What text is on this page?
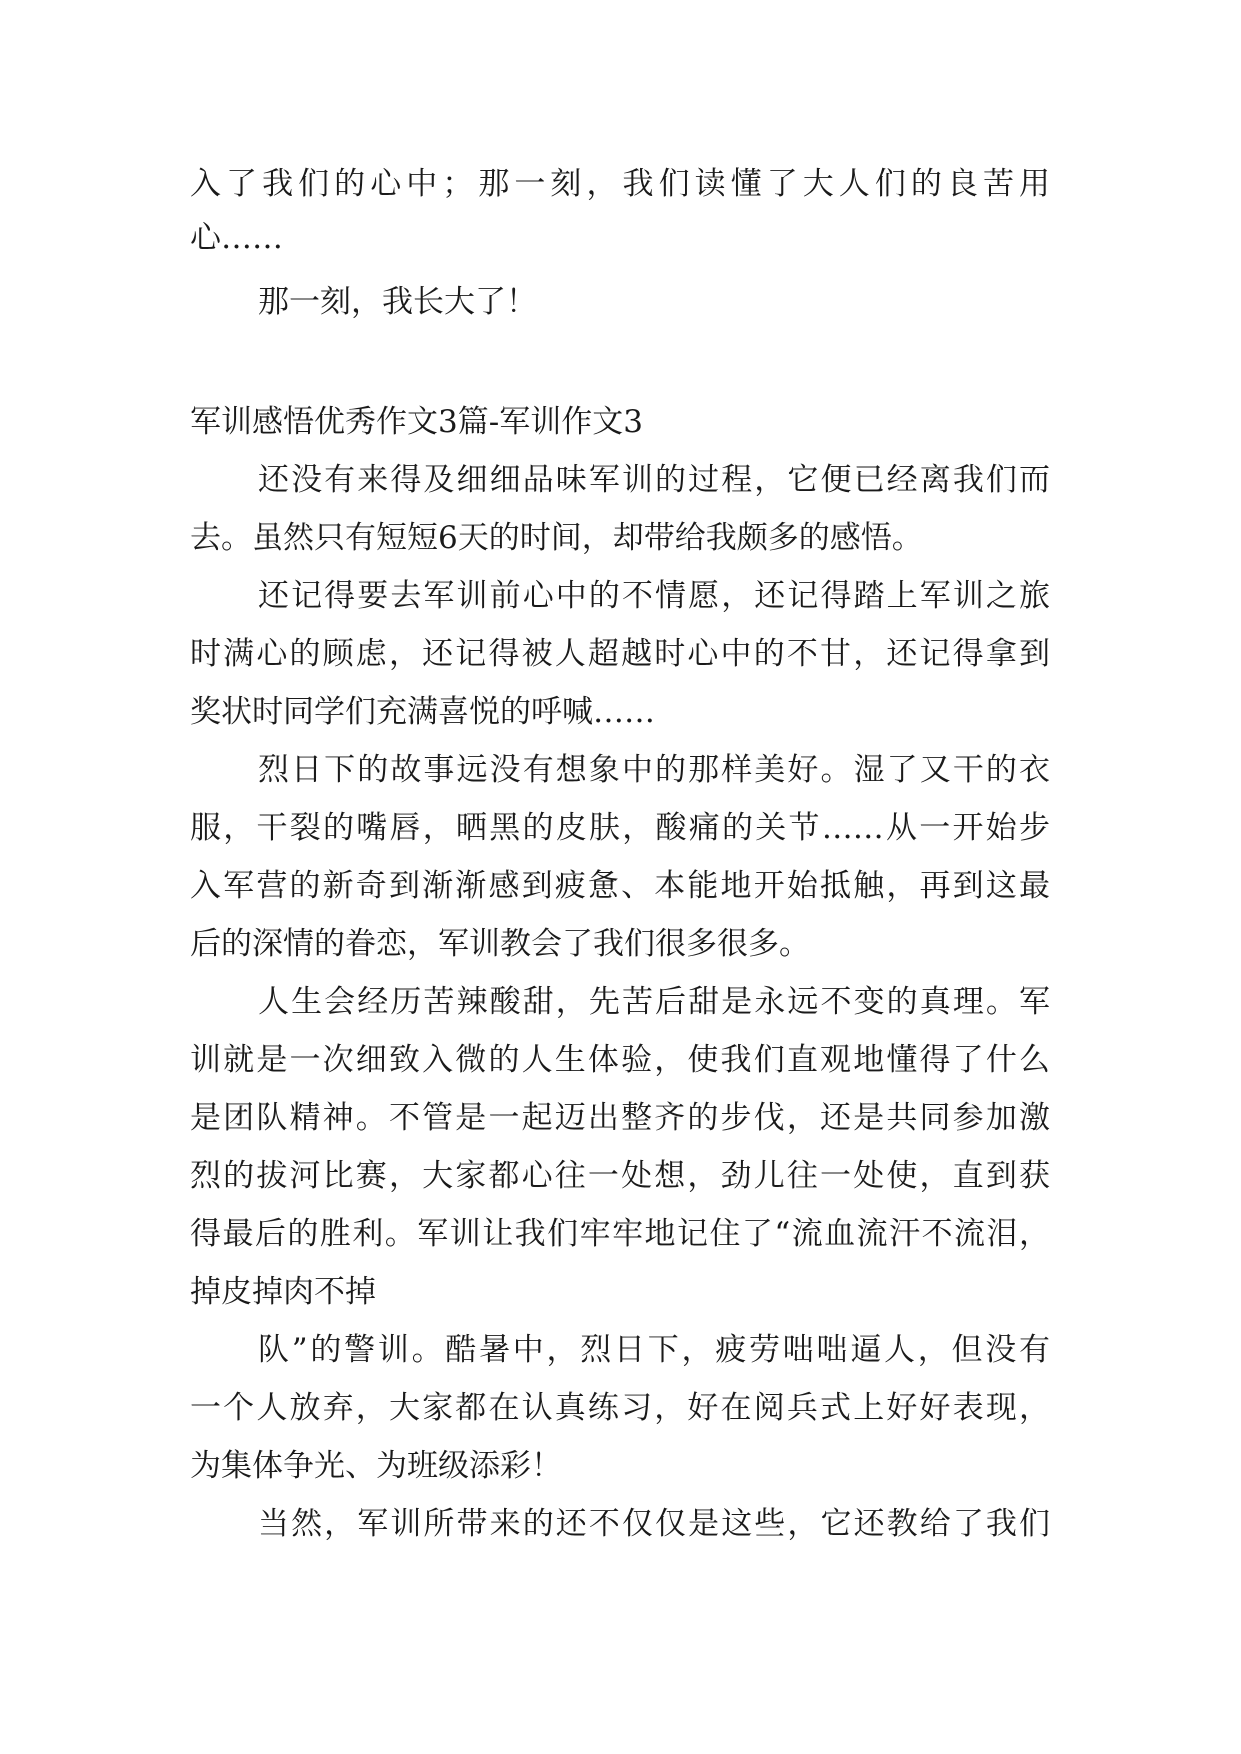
入了我们的心中；那一刻，我们读懂了大人们的良苦用
心……
那一刻，我长大了！
军训感悟优秀作文3篇-军训作文3
还没有来得及细细品味军训的过程，它便已经离我们而
去。虽然只有短短6天的时间，却带给我颇多的感悟。
还记得要去军训前心中的不情愿，还记得踏上军训之旅
时满心的顾虑，还记得被人超越时心中的不甘，还记得拿到
奖状时同学们充满喜悦的呼喊……
烈日下的故事远没有想象中的那样美好。湿了又干的衣
服，干裂的嘴唇，晒黑的皮肤，酸痛的关节……从一开始步
入军营的新奇到渐渐感到疲惫、本能地开始抵触，再到这最
后的深情的眷恋，军训教会了我们很多很多。
人生会经历苦辣酸甜，先苦后甜是永远不变的真理。军
训就是一次细致入微的人生体验，使我们直观地懂得了什么
是团队精神。不管是一起迈出整齐的步伐，还是共同参加激
烈的拔河比赛，大家都心往一处想，劲儿往一处使，直到获
得最后的胜利。军训让我们牢牢地记住了“流血流汗不流泪，
掉皮掉肉不掉
队”的警训。酷暑中，烈日下，疲劳咄咄逼人，但没有
一个人放弃，大家都在认真练习，好在阅兵式上好好表现，
为集体争光、为班级添彩！
当然，军训所带来的还不仅仅是这些，它还教给了我们
